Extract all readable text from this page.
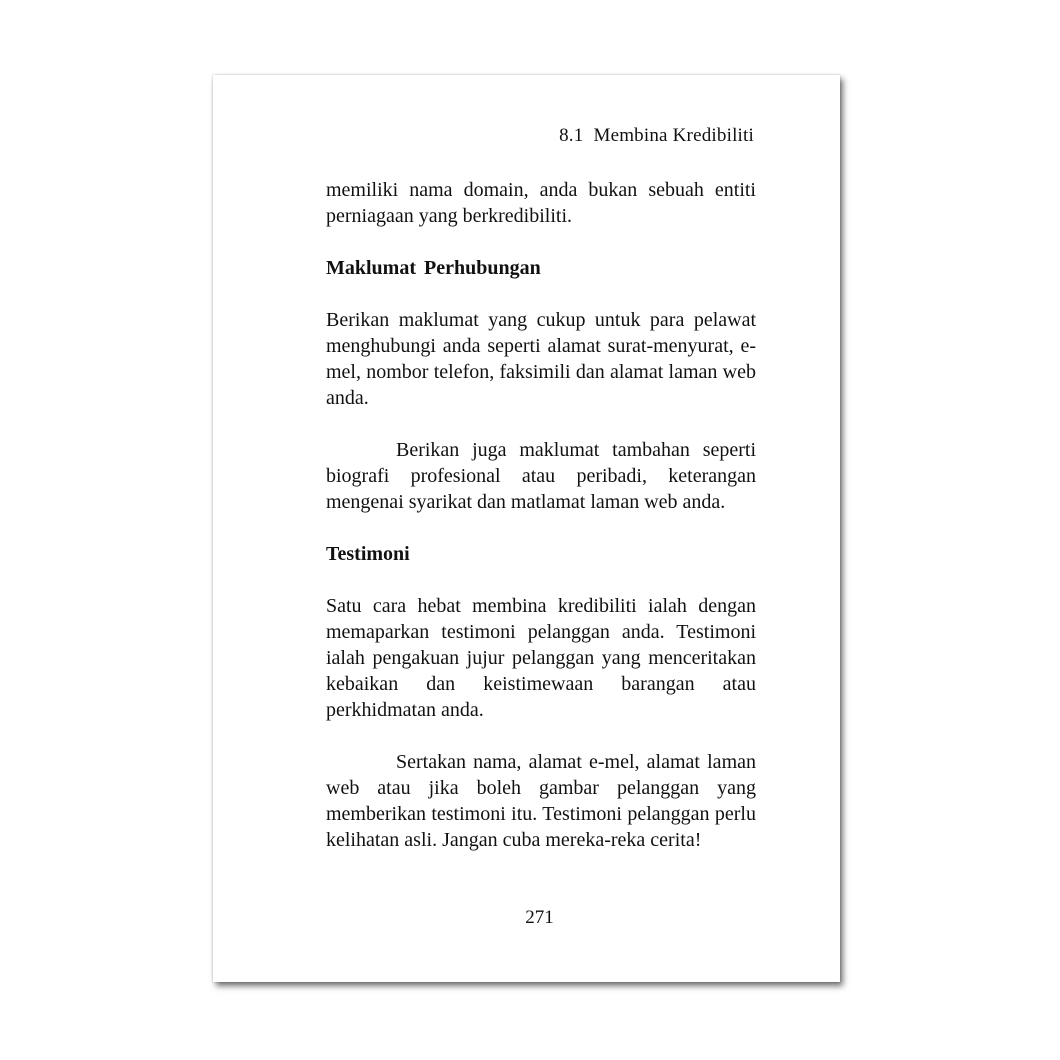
8.1 Membina Kredibiliti

memiliki nama domain, anda bukan sebuah entiti perniagaan yang berkredibiliti.

Maklumat Perhubungan

Berikan maklumat yang cukup untuk para pelawat menghubungi anda seperti alamat surat-menyurat, e-mel, nombor telefon, faksimili dan alamat laman web anda.

Berikan juga maklumat tambahan seperti biografi profesional atau peribadi, keterangan mengenai syarikat dan matlamat laman web anda.

Testimoni

Satu cara hebat membina kredibiliti ialah dengan memaparkan testimoni pelanggan anda. Testimoni ialah pengakuan jujur pelanggan yang menceritakan kebaikan dan keistimewaan barangan atau perkhidmatan anda.

Sertakan nama, alamat e-mel, alamat laman web atau jika boleh gambar pelanggan yang memberikan testimoni itu. Testimoni pelanggan perlu kelihatan asli. Jangan cuba mereka-reka cerita!

271
